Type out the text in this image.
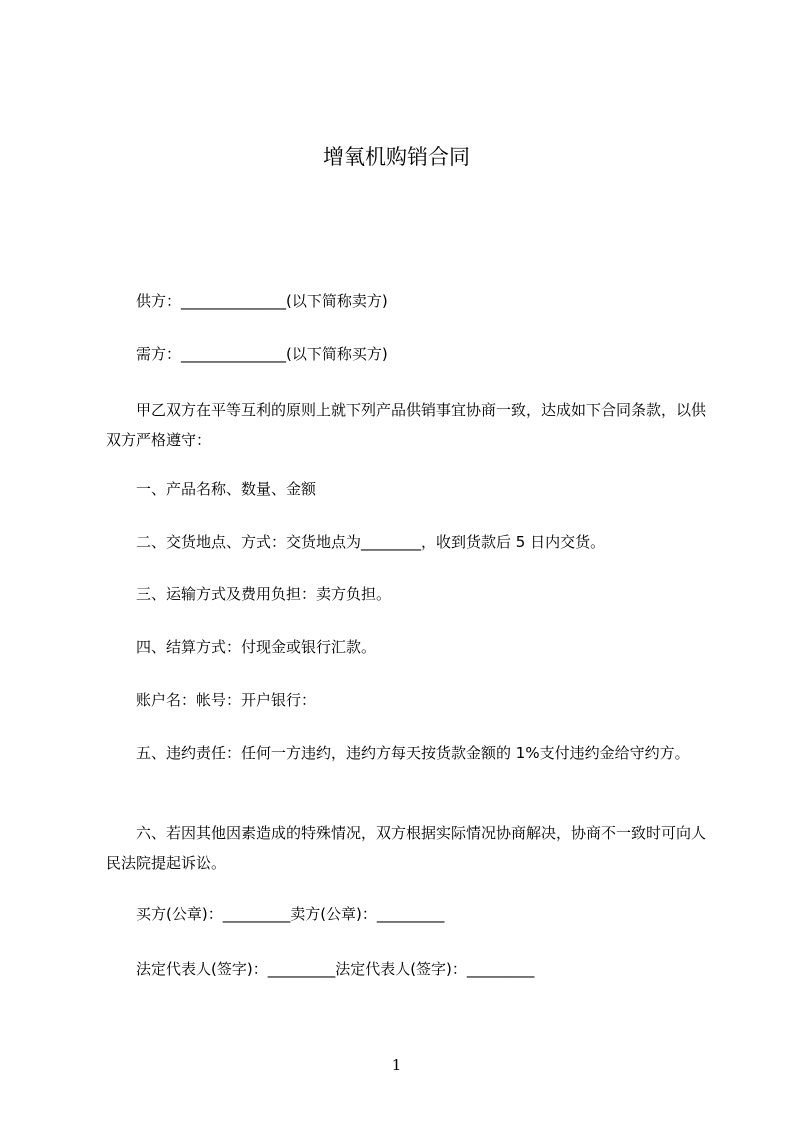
增氧机购销合同
供方：______________(以下简称卖方)
需方：______________(以下简称买方)
甲乙双方在平等互利的原则上就下列产品供销事宜协商一致，达成如下合同条款，以供双方严格遵守：
一、产品名称、数量、金额
二、交货地点、方式：交货地点为________，收到货款后 5 日内交货。
三、运输方式及费用负担：卖方负担。
四、结算方式：付现金或银行汇款。
账户名：帐号：开户银行：
五、违约责任：任何一方违约，违约方每天按货款金额的 1%支付违约金给守约方。
六、若因其他因素造成的特殊情况，双方根据实际情况协商解决，协商不一致时可向人民法院提起诉讼。
买方(公章)：_________卖方(公章)：_________
法定代表人(签字)：_________法定代表人(签字)：_________
1
